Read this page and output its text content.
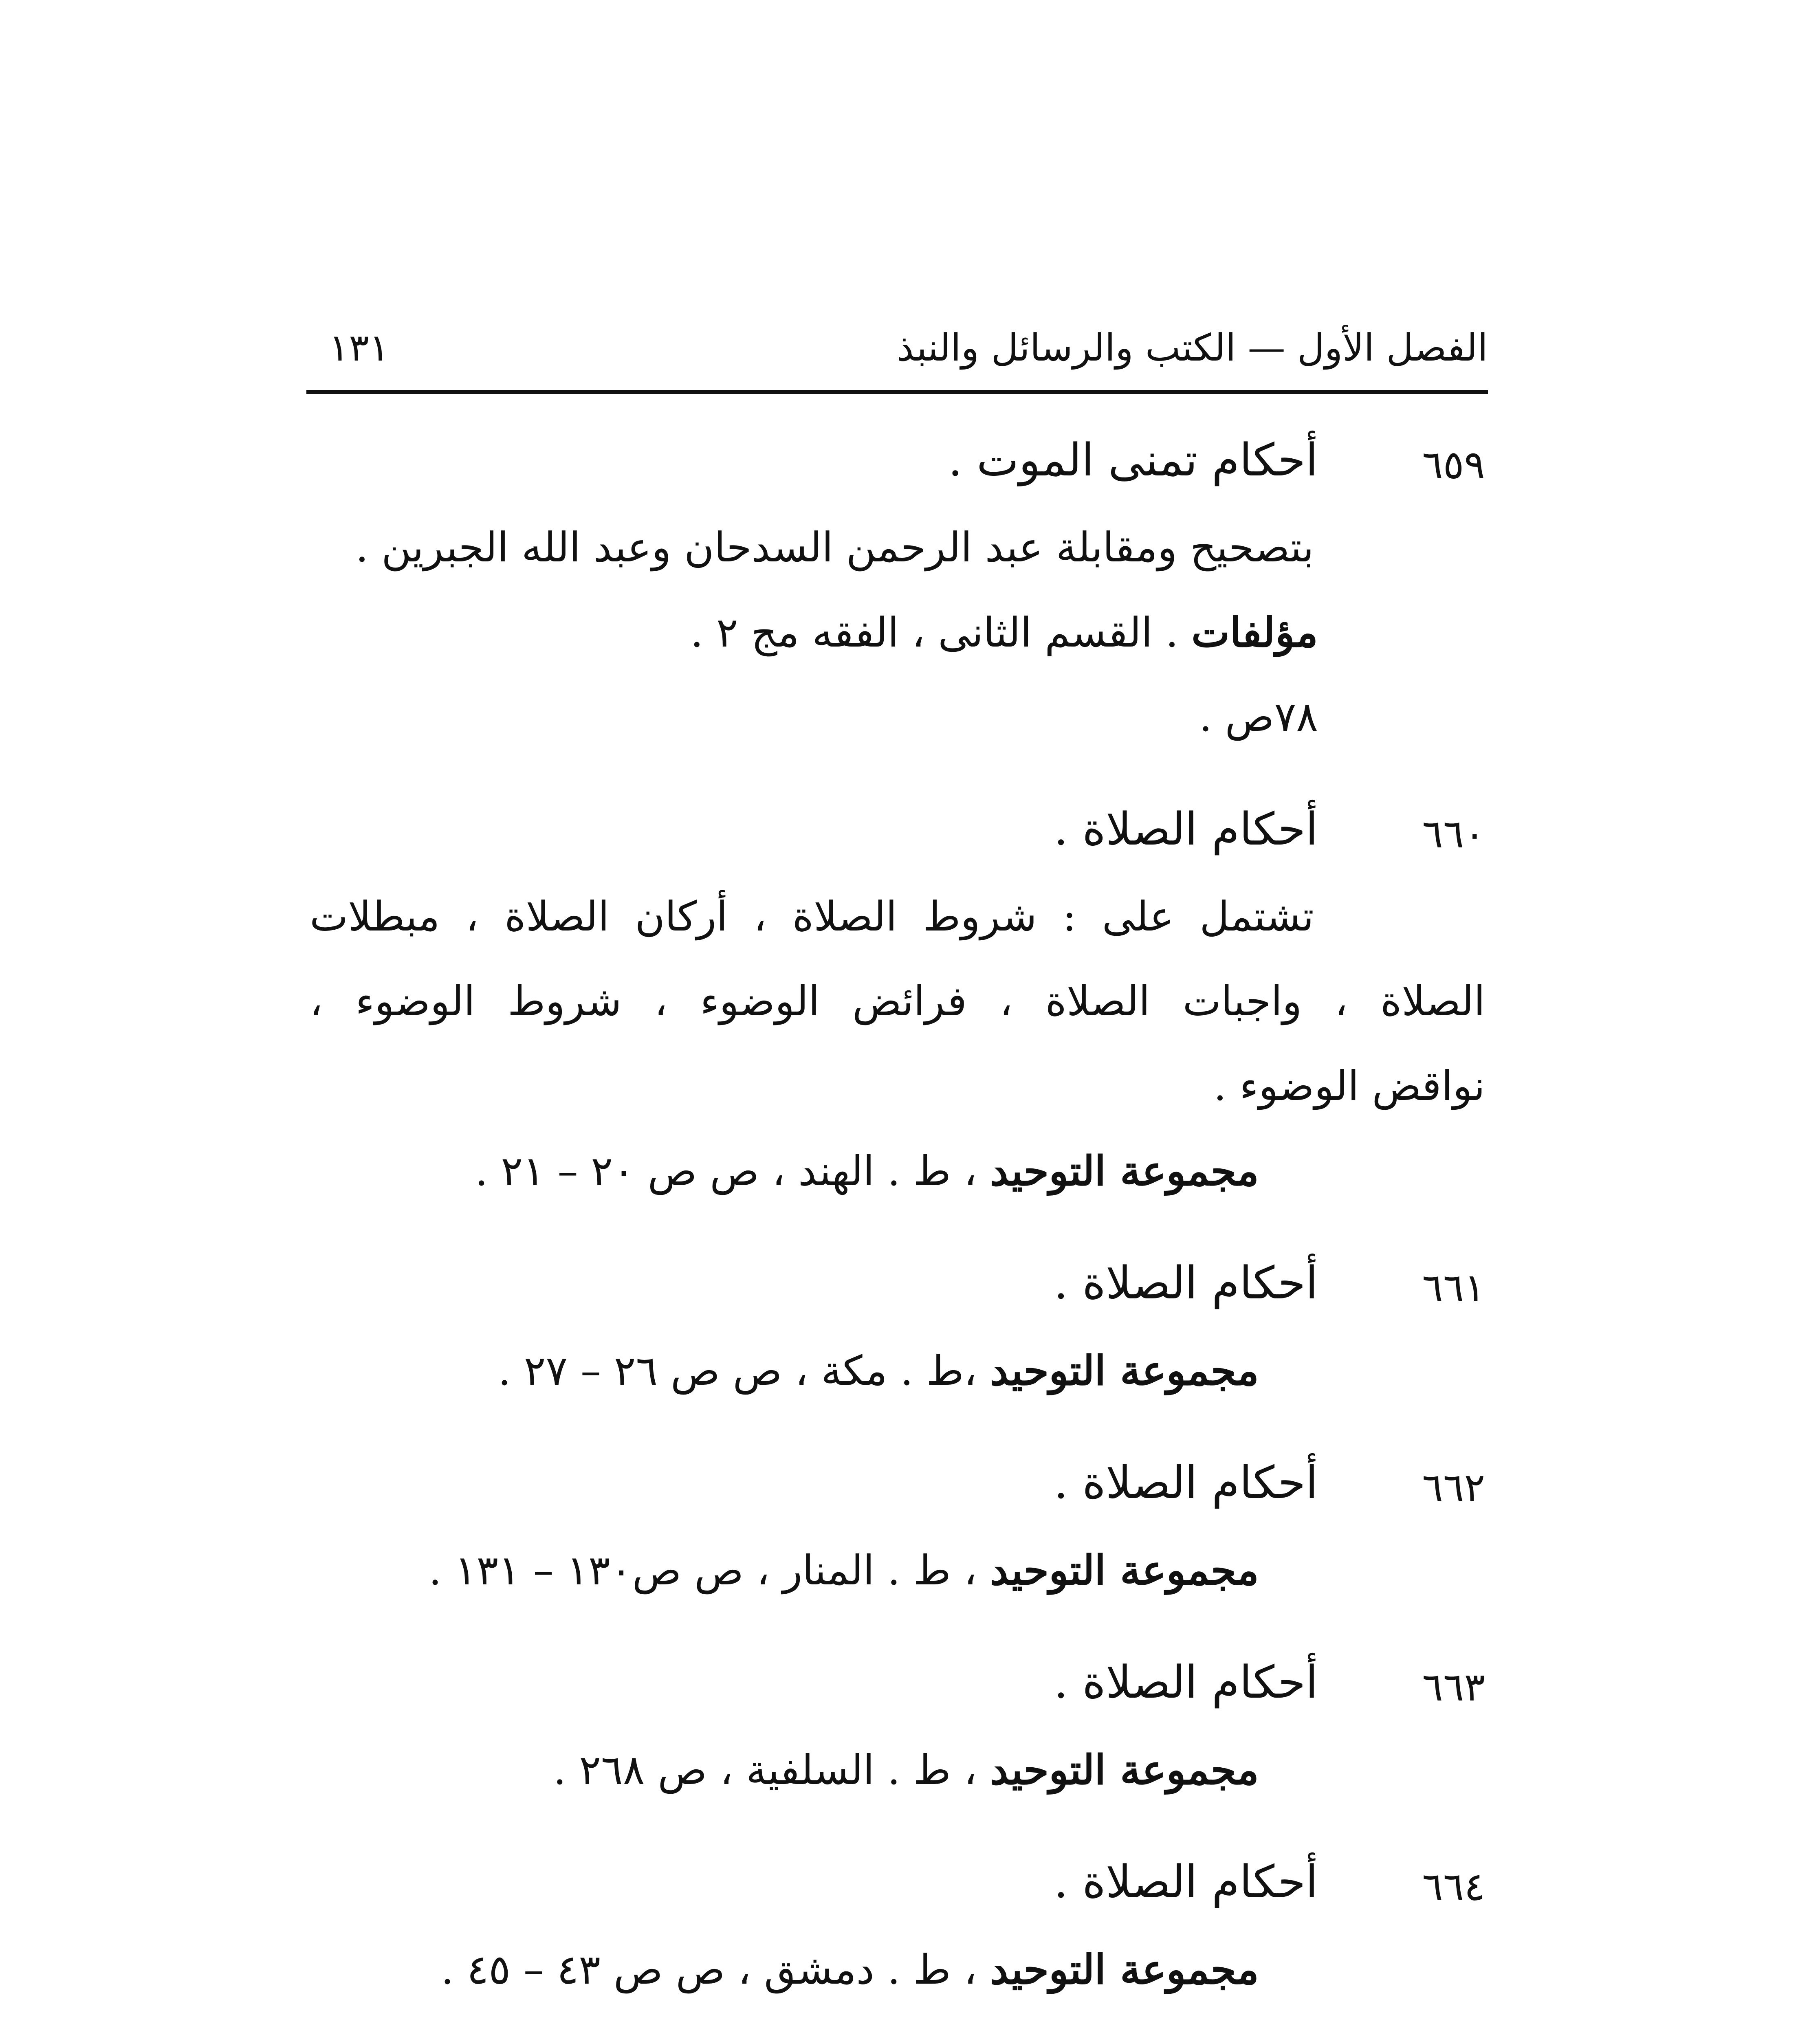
الفصل الأول — الكتب والرسائل والنبذ
١٣١
٦٥٩
أحكام تمنى الموت .
بتصحيح ومقابلة عبد الرحمن السدحان وعبد الله الجبرين .
مؤلفات . القسم الثانى ، الفقه مج ٢ .
٧٨ص .
٦٦٠
أحكام الصلاة .
تشتمل على : شروط الصلاة ، أركان الصلاة ، مبطلات
الصلاة ، واجبات الصلاة ، فرائض الوضوء ، شروط الوضوء ،
نواقض الوضوء .
مجموعة التوحيد ، ط . الهند ، ص ص ٢٠ – ٢١ .
٦٦١
أحكام الصلاة .
مجموعة التوحيد ،ط . مكة ، ص ص ٢٦ – ٢٧ .
٦٦٢
أحكام الصلاة .
مجموعة التوحيد ، ط . المنار ، ص ص١٣٠ – ١٣١ .
٦٦٣
أحكام الصلاة .
مجموعة التوحيد ، ط . السلفية ، ص ٢٦٨ .
٦٦٤
أحكام الصلاة .
مجموعة التوحيد ، ط . دمشق ، ص ص ٤٣ – ٤٥ .
